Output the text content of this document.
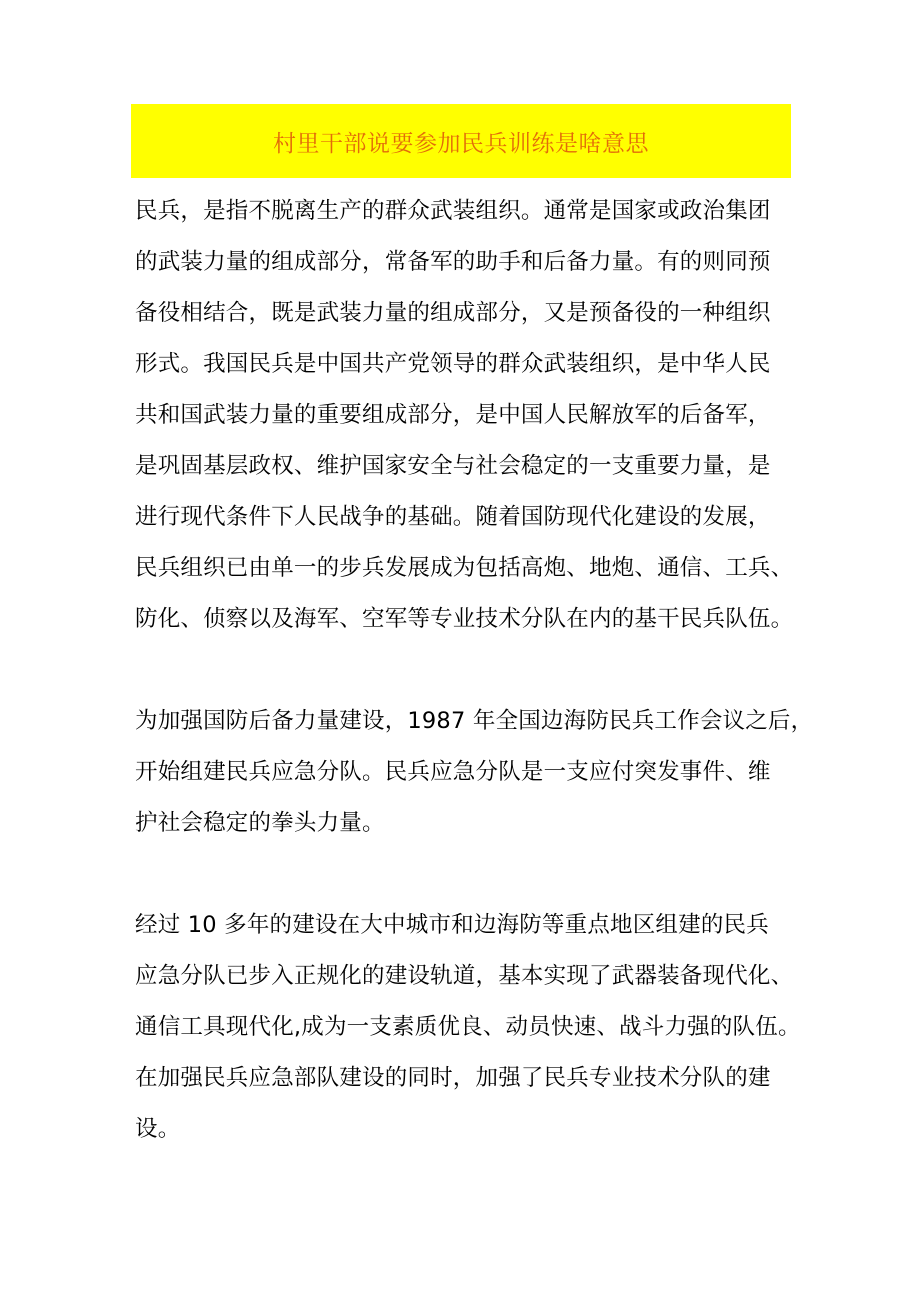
村里干部说要参加民兵训练是啥意思
民兵，是指不脱离生产的群众武装组织。通常是国家或政治集团
的武装力量的组成部分，常备军的助手和后备力量。有的则同预
备役相结合，既是武装力量的组成部分，又是预备役的一种组织
形式。我国民兵是中国共产党领导的群众武装组织，是中华人民
共和国武装力量的重要组成部分，是中国人民解放军的后备军，
是巩固基层政权、维护国家安全与社会稳定的一支重要力量，是
进行现代条件下人民战争的基础。随着国防现代化建设的发展，
民兵组织已由单一的步兵发展成为包括高炮、地炮、通信、工兵、
防化、侦察以及海军、空军等专业技术分队在内的基干民兵队伍。
为加强国防后备力量建设，1987 年全国边海防民兵工作会议之后，
开始组建民兵应急分队。民兵应急分队是一支应付突发事件、维
护社会稳定的拳头力量。
经过 10 多年的建设在大中城市和边海防等重点地区组建的民兵
应急分队已步入正规化的建设轨道，基本实现了武器装备现代化、
通信工具现代化,成为一支素质优良、动员快速、战斗力强的队伍。
在加强民兵应急部队建设的同时，加强了民兵专业技术分队的建
设。
